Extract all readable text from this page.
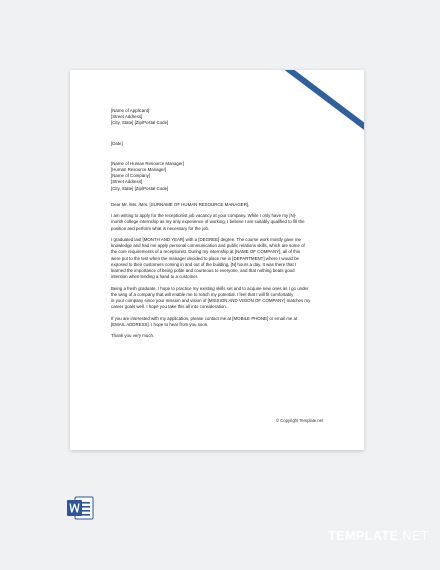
[Name of Applicant]
[Street Address]
[City, State] [Zip/Postal Code]
[Date]
[Name of Human Resource Manager]
[Human Resource Manager]
[Name of Company]
[Street Address]
[City, State] [Zip/Postal Code]
Dear Mr. /Ms. /Mrs. [SURNAME OF HUMAN RESOURCE MANAGER],
I am writing to apply for the receptionist job vacancy at your company. While I only have my [N]-
month college internship as my only experience of working, I believe I am suitably qualified to fill the
position and perform what is necessary for the job.
I graduated last [MONTH AND YEAR] with a [DEGREE] degree. The course work mostly gave me
knowledge and had me apply personal communication and public relations skills, which are some of
the core requirements of a receptionist. During my internship at [NAME OF COMPANY], all of this
were put to the test when the manager decided to place me in [DEPARTMENT] where I would be
exposed to their customers coming in and out of the building, [N] hours a day. It was there that I
learned the importance of being polite and courteous to everyone, and that nothing beats good
intention when lending a hand to a customer.
Being a fresh graduate, I hope to practice my existing skills set and to acquire new ones as I go under
the wing of a company that will enable me to reach my potential. I feel that I will fit comfortably
in your company since your mission and vision of [MISSION AND VISION OF COMPANY] matches my
career goals well. I hope you take this all into consideration.
If you are interested with my application, please contact me at [MOBILE PHONE] or email me at
[EMAIL ADDRESS]. I hope to hear from you soon.
Thank you very much.
© Copyright Template.net
TEMPLATE.NET
